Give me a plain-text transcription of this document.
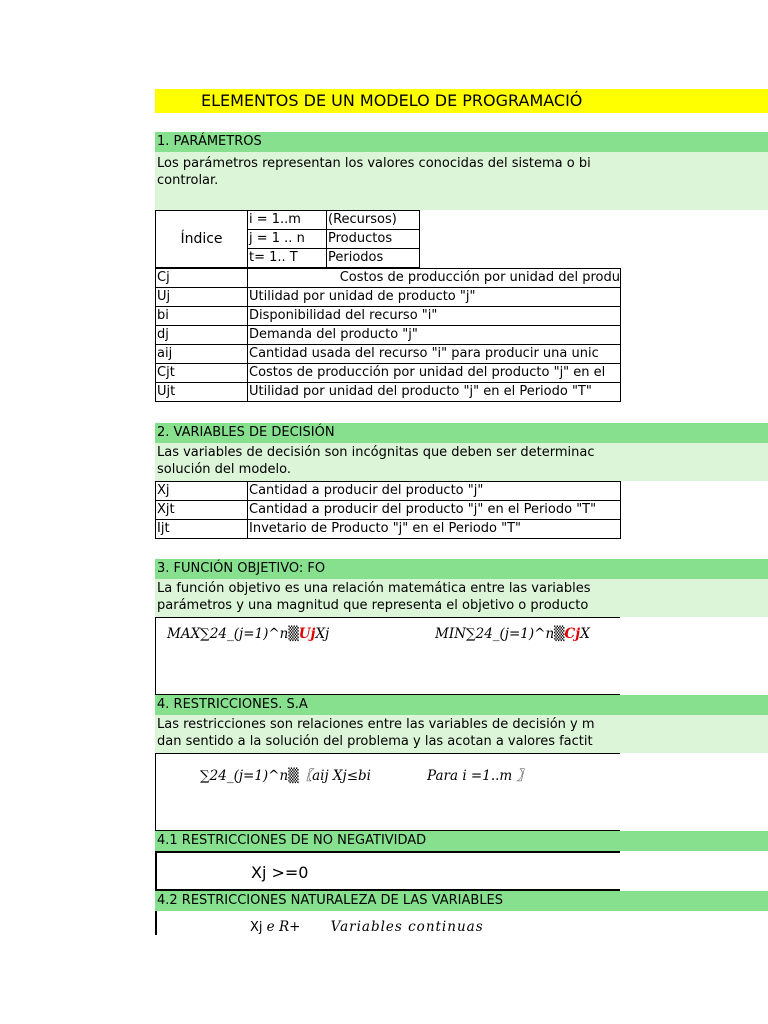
ELEMENTOS DE UN MODELO DE PROGRAMACIÓ
1. PARÁMETROS
Los parámetros representan los valores conocidas del sistema o bi
controlar.
Índice	i = 1..m	(Recursos)	
	j = 1 .. n	Productos	
	t= 1.. T	Periodos	
Cj	Costos de producción por unidad del produ
Uj	Utilidad por unidad de producto "j"
bi	Disponibilidad del recurso "i"
dj	Demanda del producto "j"
aij	Cantidad usada del recurso "i" para producir una unic
Cjt	Costos de producción por unidad del producto "j" en el
Ujt	Utilidad por unidad del producto "j" en el Periodo "T"
2. VARIABLES DE DECISIÓN
Las variables de decisión son incógnitas que deben ser determinac
solución del modelo.
Xj	Cantidad a producir del producto "j"
Xjt	Cantidad a producir del producto "j" en el Periodo "T"
Ijt	Invetario de Producto "j" en el Periodo "T"
3. FUNCIÓN OBJETIVO: FO
La función objetivo es una relación matemática entre las variables
parámetros y una magnitud que representa el objetivo o producto
MAX∑24_(j=1)^n▒UjXj	MIN∑24_(j=1)^n▒CjX
4. RESTRICCIONES. S.A
Las restricciones son relaciones entre las variables de decisión y m
dan sentido a la solución del problema y las acotan a valores factit
∑24_(j=1)^n▒〖aij Xj≤bi	Para i =1..m 〗
4.1 RESTRICCIONES DE NO NEGATIVIDAD
Xj >=0
4.2 RESTRICCIONES NATURALEZA DE LAS VARIABLES
Xj e R+ Variables continuas
